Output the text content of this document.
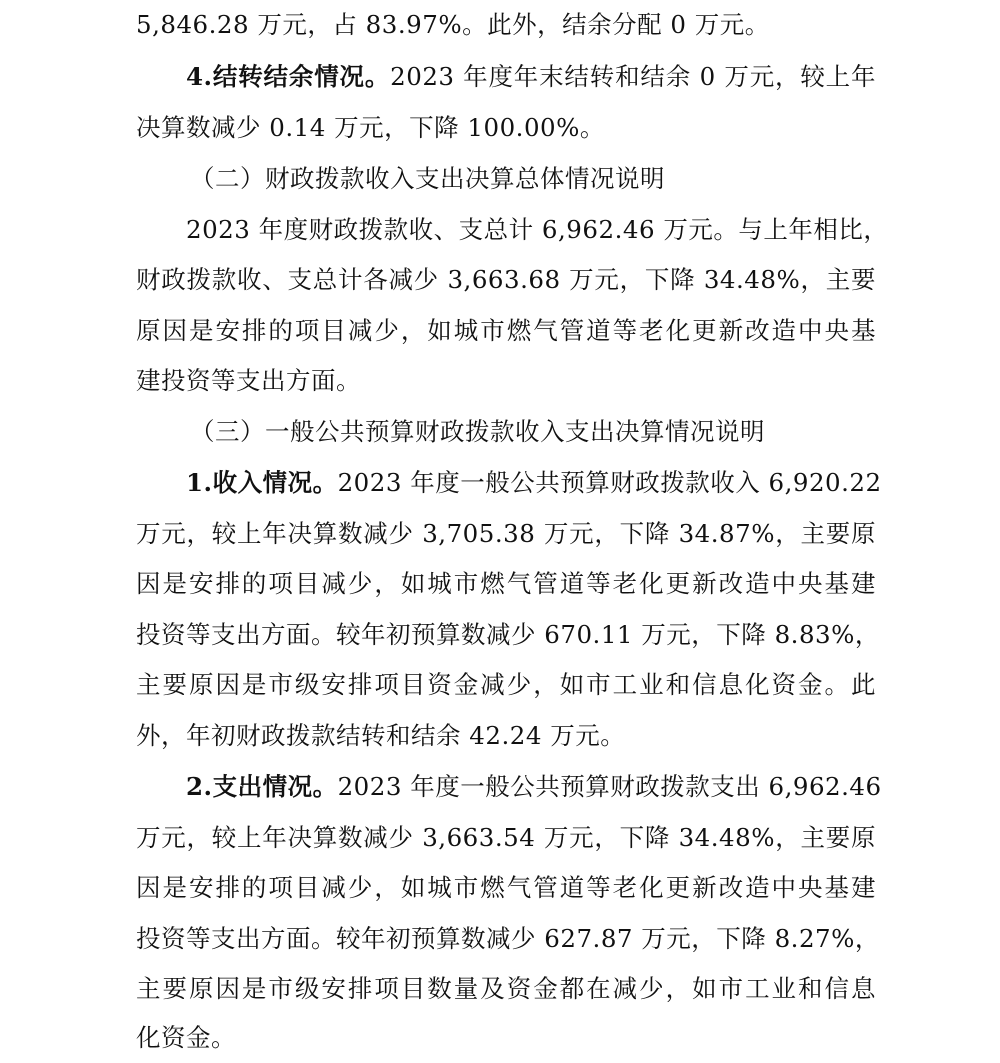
5,846.28 万元，占 83.97%。此外，结余分配 0 万元。
4.结转结余情况。2023 年度年末结转和结余 0 万元，较上年
决算数减少 0.14 万元，下降 100.00%。
（二）财政拨款收入支出决算总体情况说明
2023 年度财政拨款收、支总计 6,962.46 万元。与上年相比，
财政拨款收、支总计各减少 3,663.68 万元，下降 34.48%，主要
原因是安排的项目减少，如城市燃气管道等老化更新改造中央基
建投资等支出方面。
（三）一般公共预算财政拨款收入支出决算情况说明
1.收入情况。2023 年度一般公共预算财政拨款收入 6,920.22
万元，较上年决算数减少 3,705.38 万元，下降 34.87%，主要原
因是安排的项目减少，如城市燃气管道等老化更新改造中央基建
投资等支出方面。较年初预算数减少 670.11 万元，下降 8.83%，
主要原因是市级安排项目资金减少，如市工业和信息化资金。此
外，年初财政拨款结转和结余 42.24 万元。
2.支出情况。2023 年度一般公共预算财政拨款支出 6,962.46
万元，较上年决算数减少 3,663.54 万元，下降 34.48%，主要原
因是安排的项目减少，如城市燃气管道等老化更新改造中央基建
投资等支出方面。较年初预算数减少 627.87 万元，下降 8.27%，
主要原因是市级安排项目数量及资金都在减少，如市工业和信息
化资金。
